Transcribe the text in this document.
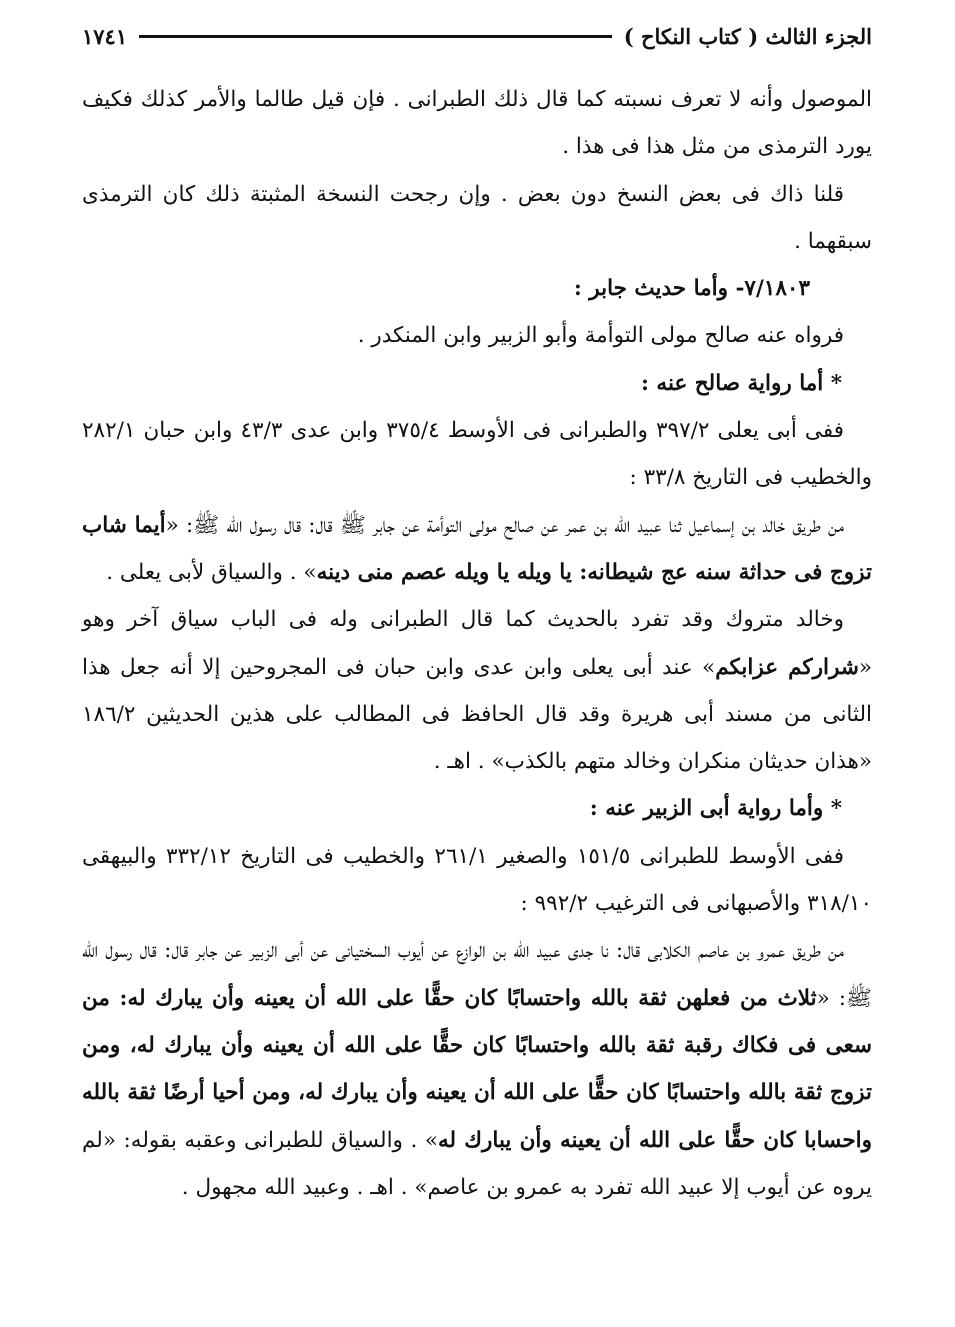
الجزء الثالث ( كتاب النكاح )
١٧٤١

الموصول وأنه لا تعرف نسبته كما قال ذلك الطبرانى . فإن قيل طالما والأمر كذلك فكيف يورد الترمذى من مثل هذا فى هذا .

قلنا ذاك فى بعض النسخ دون بعض . وإن رجحت النسخة المثبتة ذلك كان الترمذى سبقهما .

٧/١٨٠٣- وأما حديث جابر :

فرواه عنه صالح مولى التوأمة وأبو الزبير وابن المنكدر .

* أما رواية صالح عنه :

ففى أبى يعلى ٣٩٧/٢ والطبرانى فى الأوسط ٣٧٥/٤ وابن عدى ٤٣/٣ وابن حبان ٢٨٢/١ والخطيب فى التاريخ ٣٣/٨ :

من طريق خالد بن إسماعيل ثنا عبيد الله بن عمر عن صالح مولى التوأمة عن جابر ﷺ قال: قال رسول الله ﷺ: «أيما شاب تزوج فى حداثة سنه عج شيطانه: يا ويله يا ويله عصم منى دينه» . والسياق لأبى يعلى .

وخالد متروك وقد تفرد بالحديث كما قال الطبرانى وله فى الباب سياق آخر وهو «شراركم عزابكم» عند أبى يعلى وابن عدى وابن حبان فى المجروحين إلا أنه جعل هذا الثانى من مسند أبى هريرة وقد قال الحافظ فى المطالب على هذين الحديثين ١٨٦/٢ «هذان حديثان منكران وخالد متهم بالكذب» . اهـ .

* وأما رواية أبى الزبير عنه :

ففى الأوسط للطبرانى ١٥١/٥ والصغير ٢٦١/١ والخطيب فى التاريخ ٣٣٢/١٢ والبيهقى ٣١٨/١٠ والأصبهانى فى الترغيب ٩٩٢/٢ :

من طريق عمرو بن عاصم الكلابى قال: نا جدى عبيد الله بن الوازع عن أيوب السختيانى عن أبى الزبير عن جابر قال: قال رسول الله ﷺ: «ثلاث من فعلهن ثقة بالله واحتسابًا كان حقًّا على الله أن يعينه وأن يبارك له: من سعى فى فكاك رقبة ثقة بالله واحتسابًا كان حقًّا على الله أن يعينه وأن يبارك له، ومن تزوج ثقة بالله واحتسابًا كان حقًّا على الله أن يعينه وأن يبارك له، ومن أحيا أرضًا ثقة بالله واحسابا كان حقًّا على الله أن يعينه وأن يبارك له» . والسياق للطبرانى وعقبه بقوله: «لم يروه عن أيوب إلا عبيد الله تفرد به عمرو بن عاصم» . اهـ . وعبيد الله مجهول .
